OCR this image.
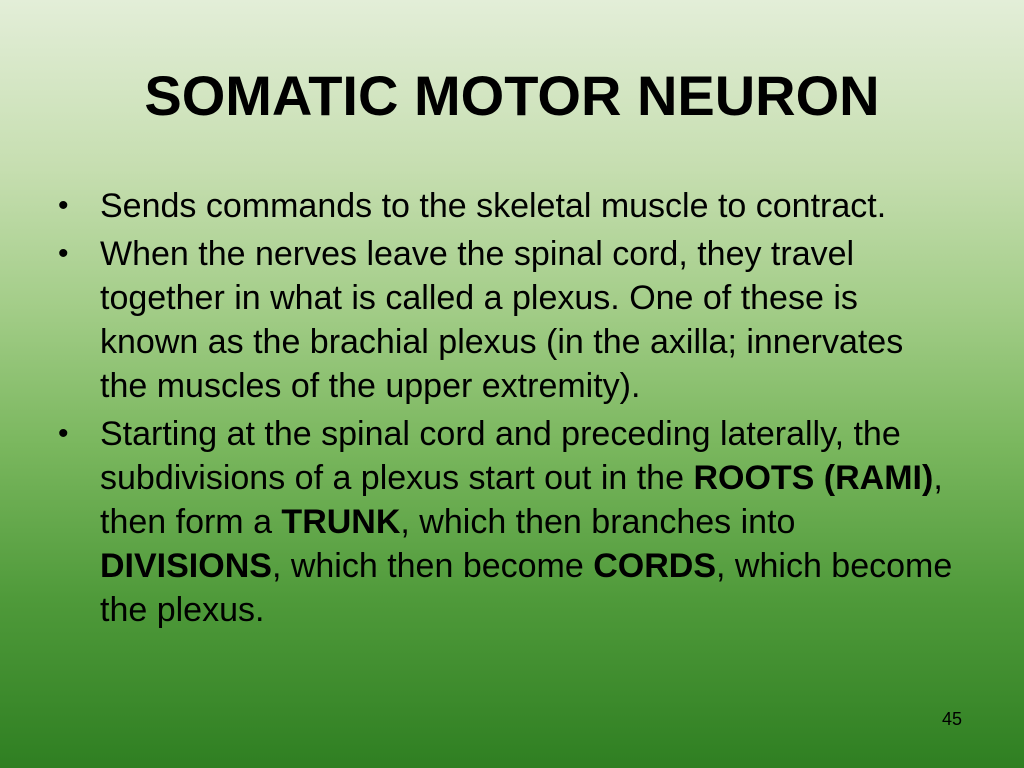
SOMATIC MOTOR NEURON
• Sends commands to the skeletal muscle to contract.
• When the nerves leave the spinal cord, they travel together in what is called a plexus. One of these is known as the brachial plexus (in the axilla; innervates the muscles of the upper extremity).
• Starting at the spinal cord and preceding laterally, the subdivisions of a plexus start out in the ROOTS (RAMI), then form a TRUNK, which then branches into DIVISIONS, which then become CORDS, which become the plexus.
45
